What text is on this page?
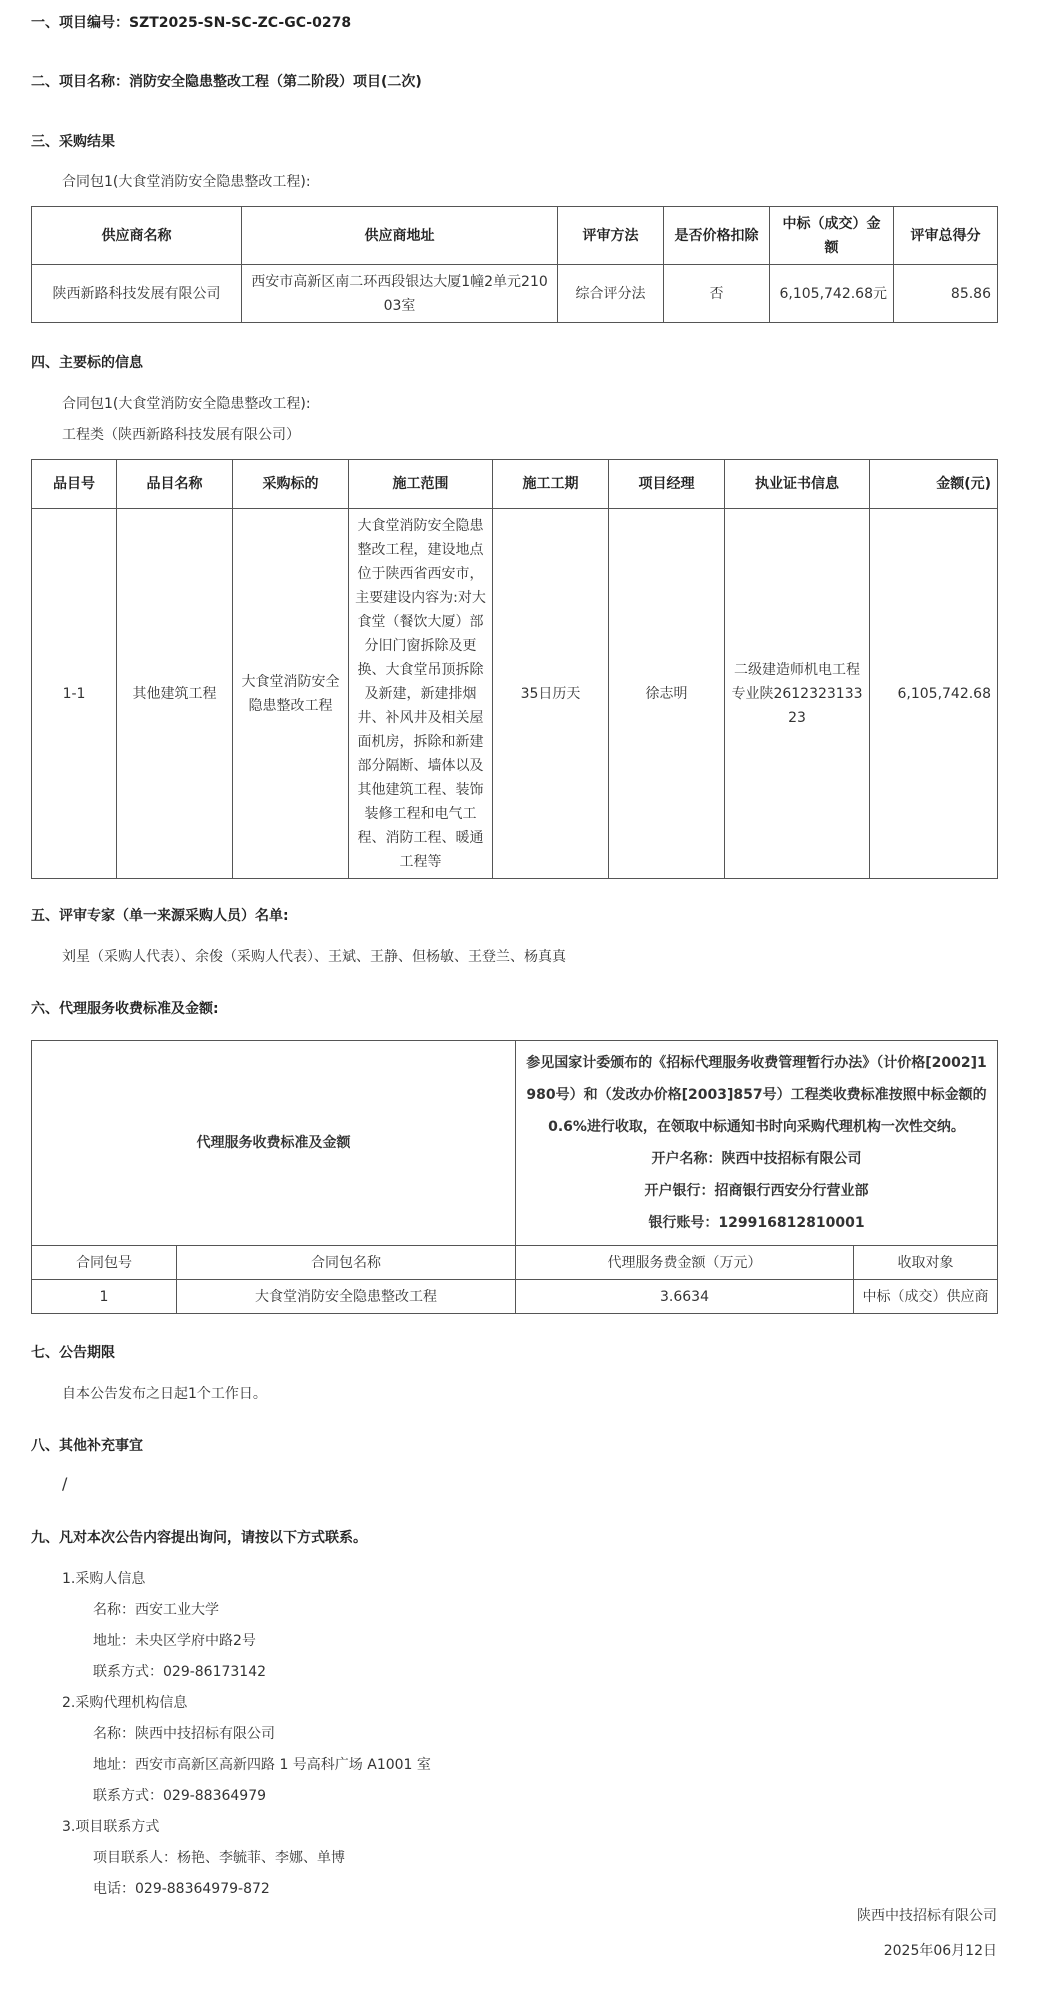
一、项目编号：SZT2025-SN-SC-ZC-GC-0278
二、项目名称：消防安全隐患整改工程（第二阶段）项目(二次)
三、采购结果
合同包1(大食堂消防安全隐患整改工程):
供应商名称	供应商地址	评审方法	是否价格扣除	中标（成交）金额	评审总得分
陕西新路科技发展有限公司	西安市高新区南二环西段银达大厦1幢2单元21003室	综合评分法	否	6,105,742.68元	85.86
四、主要标的信息
合同包1(大食堂消防安全隐患整改工程):
工程类（陕西新路科技发展有限公司）
品目号	品目名称	采购标的	施工范围	施工工期	项目经理	执业证书信息	金额(元)
1-1	其他建筑工程	大食堂消防安全隐患整改工程	大食堂消防安全隐患整改工程，建设地点位于陕西省西安市，主要建设内容为:对大食堂（餐饮大厦）部分旧门窗拆除及更换、大食堂吊顶拆除及新建，新建排烟井、补风井及相关屋面机房，拆除和新建部分隔断、墙体以及其他建筑工程、装饰装修工程和电气工程、消防工程、暖通工程等	35日历天	徐志明	二级建造师机电工程专业陕261232313323	6,105,742.68
五、评审专家（单一来源采购人员）名单:
刘星（采购人代表）、余俊（采购人代表）、王斌、王静、但杨敏、王登兰、杨真真
六、代理服务收费标准及金额:
代理服务收费标准及金额		参见国家计委颁布的《招标代理服务收费管理暂行办法》（计价格[2002]1980号）和（发改办价格[2003]857号）工程类收费标准按照中标金额的0.6%进行收取，在领取中标通知书时向采购代理机构一次性交纳。
开户名称：陕西中技招标有限公司
开户银行：招商银行西安分行营业部
银行账号：129916812810001	

合同包号	合同包名称	代理服务费金额（万元）	收取对象
1	大食堂消防安全隐患整改工程	3.6634	中标（成交）供应商
七、公告期限
自本公告发布之日起1个工作日。
八、其他补充事宜
/
九、凡对本次公告内容提出询问，请按以下方式联系。
1.采购人信息
名称：西安工业大学
地址：未央区学府中路2号
联系方式：029-86173142
2.采购代理机构信息
名称：陕西中技招标有限公司
地址：西安市高新区高新四路 1 号高科广场 A1001 室
联系方式：029-88364979
3.项目联系方式
项目联系人：杨艳、李毓菲、李娜、单博
电话：029-88364979-872
陕西中技招标有限公司
2025年06月12日
